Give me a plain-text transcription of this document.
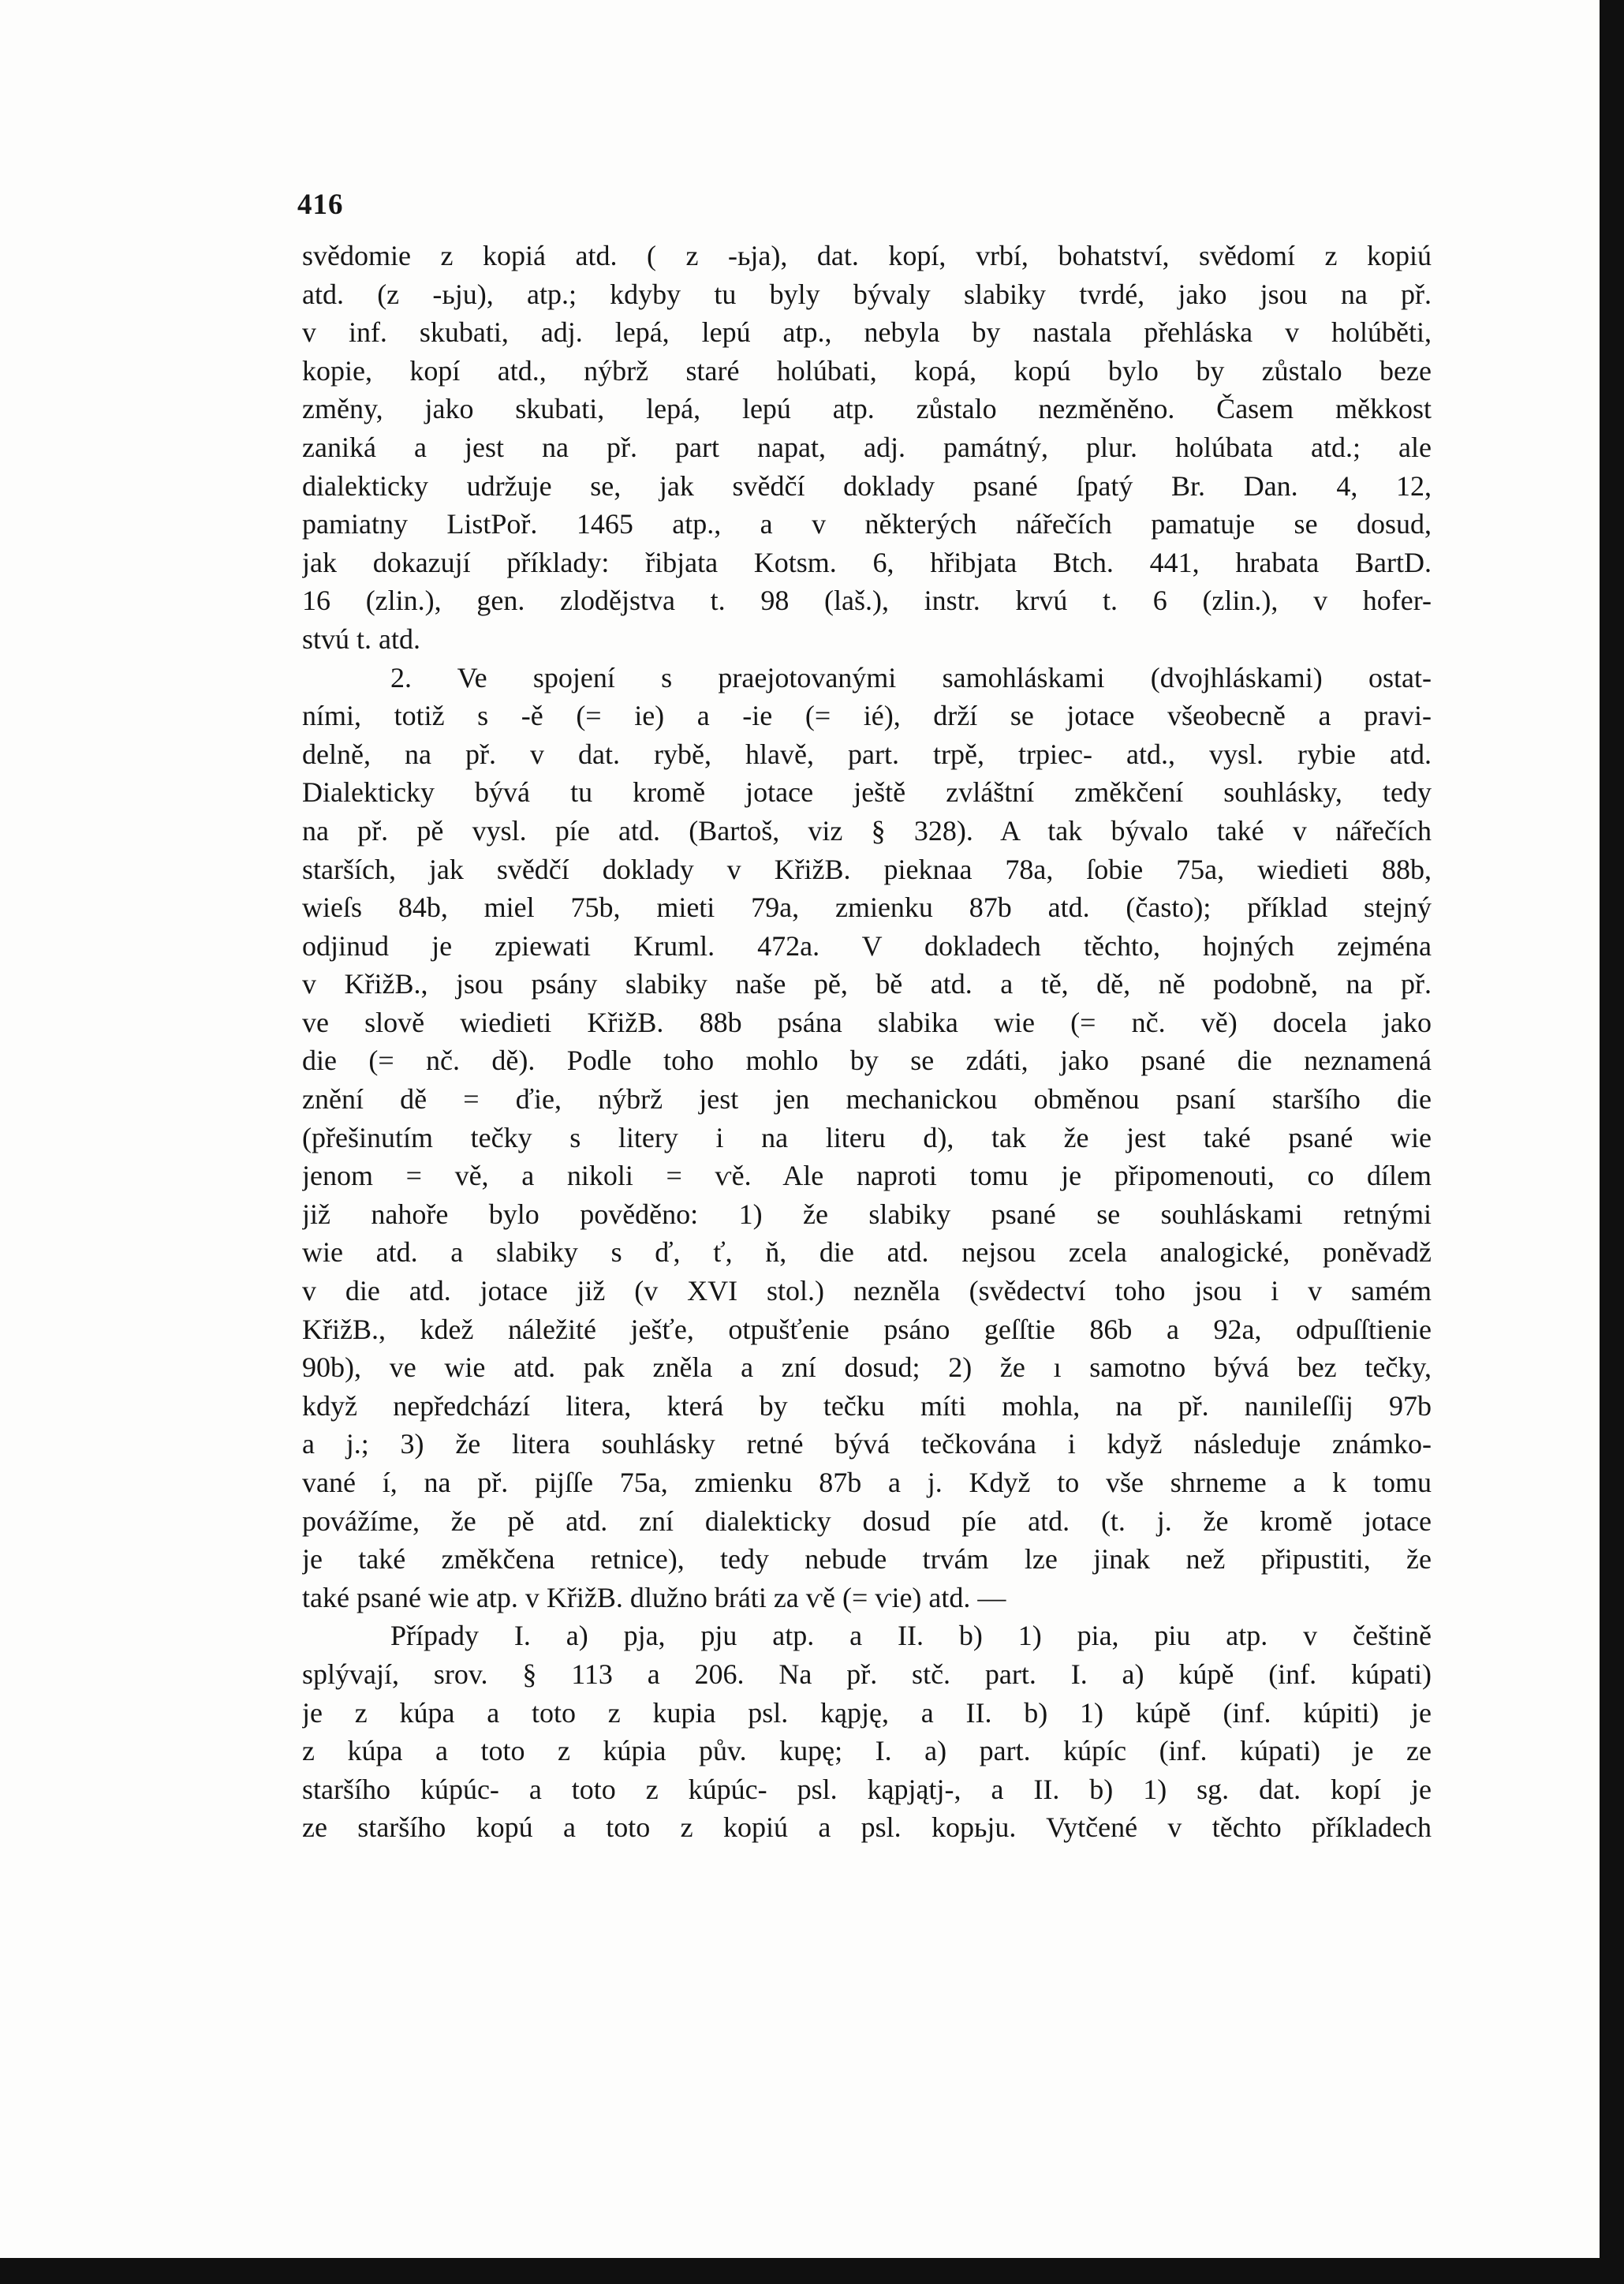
416
svědomie z kopiá atd. ( z -ьja), dat. kopí, vrbí, bohatství, svědomí z kopiú
atd. (z -ьju), atp.; kdyby tu byly bývaly slabiky tvrdé, jako jsou na př.
v inf. skubati, adj. lepá, lepú atp., nebyla by nastala přehláska v holúběti,
kopie, kopí atd., nýbrž staré holúbati, kopá, kopú bylo by zůstalo beze
změny, jako skubati, lepá, lepú atp. zůstalo nezměněno. Časem měkkost
zaniká a jest na př. part napat, adj. památný, plur. holúbata atd.; ale
dialekticky udržuje se, jak svědčí doklady psané ſpatý Br. Dan. 4, 12,
pamiatny ListPoř. 1465 atp., a v některých nářečích pamatuje se dosud,
jak dokazují příklady: řibjata Kotsm. 6, hřibjata Btch. 441, hrabata BartD.
16 (zlin.), gen. zlodějstva t. 98 (laš.), instr. krvú t. 6 (zlin.), v hofer-
stvú t. atd.
2. Ve spojení s praejotovanými samohláskami (dvojhláskami) ostat-
ními, totiž s -ě (= ie) a -ie (= ié), drží se jotace všeobecně a pravi-
delně, na př. v dat. rybě, hlavě, part. trpě, trpiec- atd., vysl. rybie atd.
Dialekticky bývá tu kromě jotace ještě zvláštní změkčení souhlásky, tedy
na př. pě vysl. píe atd. (Bartoš, viz § 328). A tak bývalo také v nářečích
starších, jak svědčí doklady v KřižB. pieknaa 78a, ſobie 75a, wiedieti 88b,
wieſs 84b, miel 75b, mieti 79a, zmienku 87b atd. (často); příklad stejný
odjinud je zpiewati Kruml. 472a. V dokladech těchto, hojných zejména
v KřižB., jsou psány slabiky naše pě, bě atd. a tě, dě, ně podobně, na př.
ve slově wiedieti KřižB. 88b psána slabika wie (= nč. vě) docela jako
die (= nč. dě). Podle toho mohlo by se zdáti, jako psané die neznamená
znění dě = ďie, nýbrž jest jen mechanickou obměnou psaní staršího die
(přešinutím tečky s litery i na literu d), tak že jest také psané wie
jenom = vě, a nikoli = ѵě. Ale naproti tomu je připomenouti, co dílem
již nahoře bylo pověděno: 1) že slabiky psané se souhláskami retnými
wie atd. a slabiky s ď, ť, ň, die atd. nejsou zcela analogické, poněvadž
v die atd. jotace již (v XVI stol.) nezněla (svědectví toho jsou i v samém
KřižB., kdež náležité ješťe, otpušťenie psáno geſſtie 86b a 92a, odpuſſtienie
90b), ve wie atd. pak zněla a zní dosud; 2) že ı samotno bývá bez tečky,
když nepředchází litera, která by tečku míti mohla, na př. naınileſſij 97b
a j.; 3) že litera souhlásky retné bývá tečkována i když následuje známko-
vané í, na př. pijſſe 75a, zmienku 87b a j. Když to vše shrneme a k tomu
povážíme, že pě atd. zní dialekticky dosud píe atd. (t. j. že kromě jotace
je také změkčena retnice), tedy nebude trvám lze jinak než připustiti, že
také psané wie atp. v KřižB. dlužno bráti za ѵě (= ѵie) atd. —
Případy I. a) pja, pju atp. a II. b) 1) pia, piu atp. v češtině
splývají, srov. § 113 a 206. Na př. stč. part. I. a) kúpě (inf. kúpati)
je z kúpa a toto z kupia psl. kąpję, a II. b) 1) kúpě (inf. kúpiti) je
z kúpa a toto z kúpia pův. kupę; I. a) part. kúpíc (inf. kúpati) je ze
staršího kúpúc- a toto z kúpúc- psl. kąpjątj-, a II. b) 1) sg. dat. kopí je
ze staršího kopú a toto z kopiú a psl. kopьju. Vytčené v těchto příkladech
